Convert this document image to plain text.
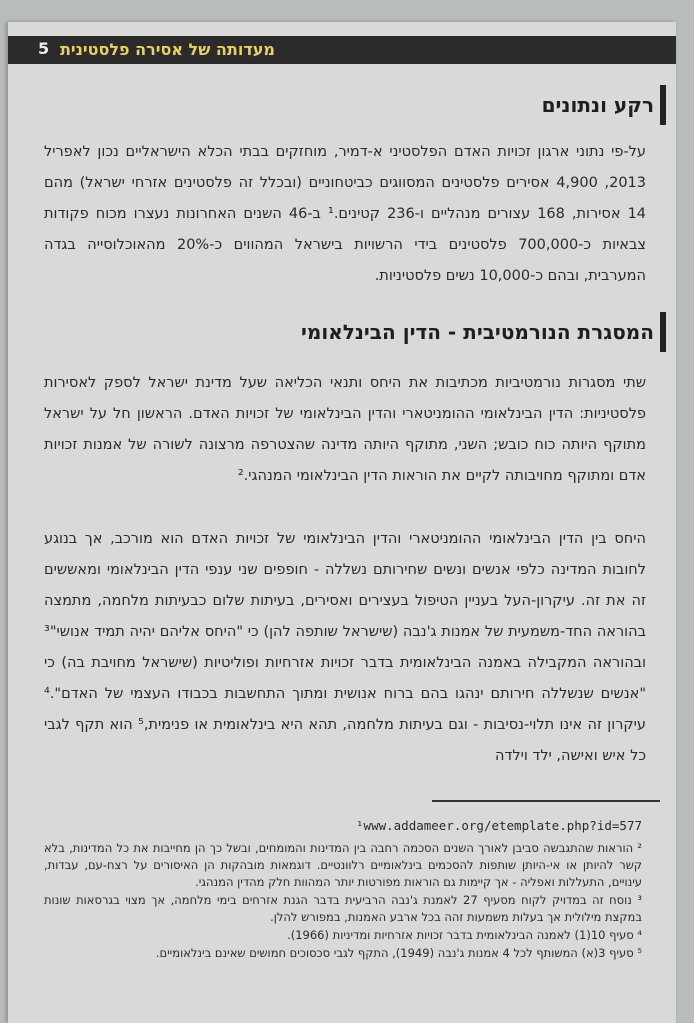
5 מעדותה של אסירה פלסטינית
רקע ונתונים
על-פי נתוני ארגון זכויות האדם הפלסטיני א-דמיר, מוחזקים בבתי הכלא הישראליים נכון לאפריל 2013, 4,900 אסירים פלסטינים המסווגים כביטחוניים (ובכלל זה פלסטינים אזרחי ישראל) מהם 14 אסירות, 168 עצורים מנהליים ו-236 קטינים.¹ ב-46 השנים האחרונות נעצרו מכוח פקודות צבאיות כ-700,000 פלסטינים בידי הרשויות בישראל המהווים כ-20% מהאוכלוסייה בגדה המערבית, ובהם כ-10,000 נשים פלסטיניות.
המסגרת הנורמטיבית - הדין הבינלאומי
שתי מסגרות נורמטיביות מכתיבות את היחס ותנאי הכליאה שעל מדינת ישראל לספק לאסירות פלסטיניות: הדין הבינלאומי ההומניטארי והדין הבינלאומי של זכויות האדם. הראשון חל על ישראל מתוקף היותה כוח כובש; השני, מתוקף היותה מדינה שהצטרפה מרצונה לשורה של אמנות זכויות אדם ומתוקף מחויבותה לקיים את הוראות הדין הבינלאומי המנהגי.²
היחס בין הדין הבינלאומי ההומניטארי והדין הבינלאומי של זכויות האדם הוא מורכב, אך בנוגע לחובות המדינה כלפי אנשים ונשים שחירותם נשללה - חופפים שני ענפי הדין הבינלאומי ומאששים זה את זה. עיקרון-העל בעניין הטיפול בעצירים ואסירים, בעיתות שלום כבעיתות מלחמה, מתמצה בהוראה החד-משמעית של אמנות ג'נבה (שישראל שותפה להן) כי "היחס אליהם יהיה תמיד אנושי"³ ובהוראה המקבילה באמנה הבינלאומית בדבר זכויות אזרחיות ופוליטיות (שישראל מחויבת בה) כי "אנשים שנשללה חירותם ינהגו בהם ברוח אנושית ומתוך התחשבות בכבודו העצמי של האדם".⁴ עיקרון זה אינו תלוי-נסיבות - וגם בעיתות מלחמה, תהא היא בינלאומית או פנימית,⁵ הוא תקף לגבי כל איש ואישה, ילד וילדה
¹www.addameer.org/etemplate.php?id=577

² הוראות שהתגבשה סביבן לאורך השנים הסכמה רחבה בין המדינות והמומחים, ובשל כך הן מחייבות את כל המדינות, בלא קשר להיותן או אי-היותן שותפות להסכמים בינלאומיים רלוונטיים. דוגמאות מובהקות הן האיסורים על רצח-עם, עבדות, עינויים, התעללות ואפליה - אך קיימות גם הוראות מפורטות יותר המהוות חלק מהדין המנהגי.

³ נוסח זה במדויק לקוח מסעיף 27 לאמנת ג'נבה הרביעית בדבר הגנת אזרחים בימי מלחמה, אך מצוי בגרסאות שונות במקצת מילולית אך בעלות משמעות זהה בכל ארבע האמנות, במפורש להלן.

⁴ סעיף 10(1) לאמנה הבינלאומית בדבר זכויות אזרחיות ומדיניות (1966).

⁵ סעיף 3(א) המשותף לכל 4 אמנות ג'נבה (1949), התקף לגבי סכסוכים חמושים שאינם בינלאומיים.
